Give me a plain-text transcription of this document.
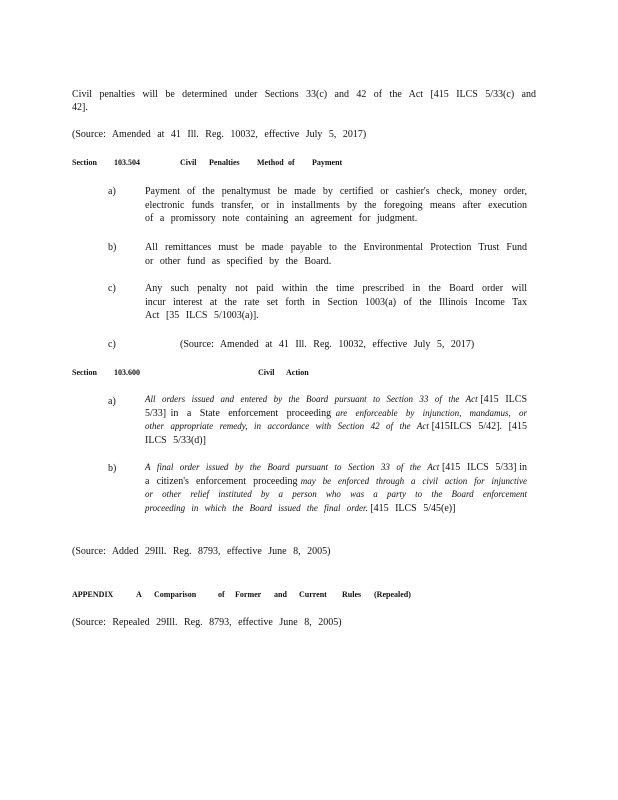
Civil penalties will be determined under Sections 33(c) and 42 of the Act [415 ILCS 5/33(c) and 42].
(Source: Amended at 41 Ill. Reg. 10032, effective July 5, 2017)
Section 103.504	Civil Penalties Method of Payment
a)	Payment of the penaltymust be made by certified or cashier's check, money order, electronic funds transfer, or in installments by the foregoing means after execution of a promissory note containing an agreement for judgment.
b)	All remittances must be made payable to the Environmental Protection Trust Fund or other fund as specified by the Board.
c)	Any such penalty not paid within the time prescribed in the Board order will incur interest at the rate set forth in Section 1003(a) of the Illinois Income Tax Act [35 ILCS 5/1003(a)].
c)	(Source: Amended at 41 Ill. Reg. 10032, effective July 5, 2017)
Section 103.600	Civil Action
a)	All orders issued and entered by the Board pursuant to Section 33 of the Act [415 ILCS 5/33] in a State enforcement proceeding are enforceable by injunction, mandamus, or other appropriate remedy, in accordance with Section 42 of the Act [415ILCS 5/42]. [415 ILCS 5/33(d)]
b)	A final order issued by the Board pursuant to Section 33 of the Act [415 ILCS 5/33] in a citizen's enforcement proceeding may be enforced through a civil action for injunctive or other relief instituted by a person who was a party to the Board enforcement proceeding in which the Board issued the final order. [415 ILCS 5/45(e)]
(Source: Added 29Ill. Reg. 8793, effective June 8, 2005)
APPENDIX	A Comparison	of Former and Current Rules (Repealed)
(Source: Repealed 29Ill. Reg. 8793, effective June 8, 2005)
